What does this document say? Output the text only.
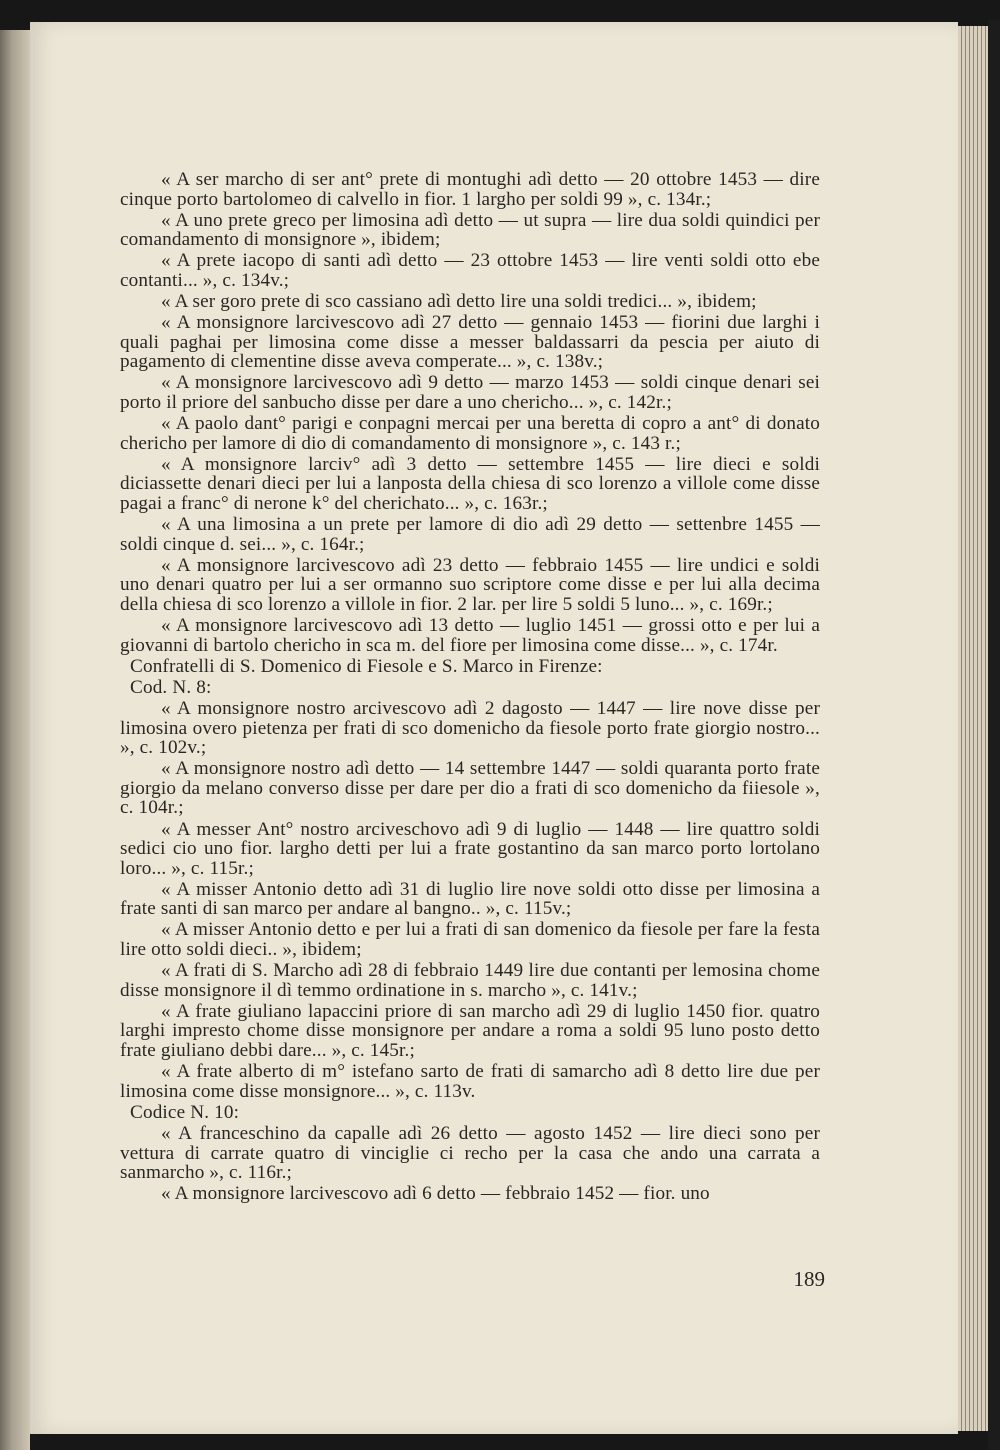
« A ser marcho di ser ant° prete di montughi adì detto — 20 ottobre 1453 — dire cinque porto bartolomeo di calvello in fior. 1 largho per soldi 99 », c. 134r.;

« A uno prete greco per limosina adì detto — ut supra — lire dua soldi quindici per comandamento di monsignore », ibidem;

« A prete iacopo di santi adì detto — 23 ottobre 1453 — lire venti soldi otto ebe contanti... », c. 134v.;

« A ser goro prete di sco cassiano adì detto lire una soldi tredici... », ibidem;

« A monsignore larcivescovo adì 27 detto — gennaio 1453 — fiorini due larghi i quali paghai per limosina come disse a messer baldassarri da pescia per aiuto di pagamento di clementine disse aveva comperate... », c. 138v.;

« A monsignore larcivescovo adì 9 detto — marzo 1453 — soldi cinque denari sei porto il priore del sanbucho disse per dare a uno chericho... », c. 142r.;

« A paolo dant° parigi e conpagni mercai per una beretta di copro a ant° di donato chericho per lamore di dio di comandamento di monsignore », c. 143 r.;

« A monsignore larciv° adì 3 detto — settembre 1455 — lire dieci e soldi diciassette denari dieci per lui a lanposta della chiesa di sco lorenzo a villole come disse pagai a franc° di nerone k° del cherichato... », c. 163r.;

« A una limosina a un prete per lamore di dio adì 29 detto — settenbre 1455 — soldi cinque d. sei... », c. 164r.;

« A monsignore larcivescovo adì 23 detto — febbraio 1455 — lire undici e soldi uno denari quatro per lui a ser ormanno suo scriptore come disse e per lui alla decima della chiesa di sco lorenzo a villole in fior. 2 lar. per lire 5 soldi 5 luno... », c. 169r.;

« A monsignore larcivescovo adì 13 detto — luglio 1451 — grossi otto e per lui a giovanni di bartolo chericho in sca m. del fiore per limosina come disse... », c. 174r.

Confratelli di S. Domenico di Fiesole e S. Marco in Firenze:

Cod. N. 8:

« A monsignore nostro arcivescovo adì 2 dagosto — 1447 — lire nove disse per limosina overo pietenza per frati di sco domenicho da fiesole porto frate giorgio nostro... », c. 102v.;

« A monsignore nostro adì detto — 14 settembre 1447 — soldi quaranta porto frate giorgio da melano converso disse per dare per dio a frati di sco domenicho da fiiesole », c. 104r.;

« A messer Ant° nostro arciveschovo adì 9 di luglio — 1448 — lire quattro soldi sedici cio uno fior. largho detti per lui a frate gostantino da san marco porto lortolano loro... », c. 115r.;

« A misser Antonio detto adì 31 di luglio lire nove soldi otto disse per limosina a frate santi di san marco per andare al bangno.. », c. 115v.;

« A misser Antonio detto e per lui a frati di san domenico da fiesole per fare la festa lire otto soldi dieci.. », ibidem;

« A frati di S. Marcho adì 28 di febbraio 1449 lire due contanti per lemosina chome disse monsignore il dì temmo ordinatione in s. marcho », c. 141v.;

« A frate giuliano lapaccini priore di san marcho adì 29 di luglio 1450 fior. quatro larghi impresto chome disse monsignore per andare a roma a soldi 95 luno posto detto frate giuliano debbi dare... », c. 145r.;

« A frate alberto di m° istefano sarto de frati di samarcho adì 8 detto lire due per limosina come disse monsignore... », c. 113v.

Codice N. 10:

« A franceschino da capalle adì 26 detto — agosto 1452 — lire dieci sono per vettura di carrate quatro di vinciglie ci recho per la casa che ando una carrata a sanmarcho », c. 116r.;

« A monsignore larcivescovo adì 6 detto — febbraio 1452 — fior. uno

189
